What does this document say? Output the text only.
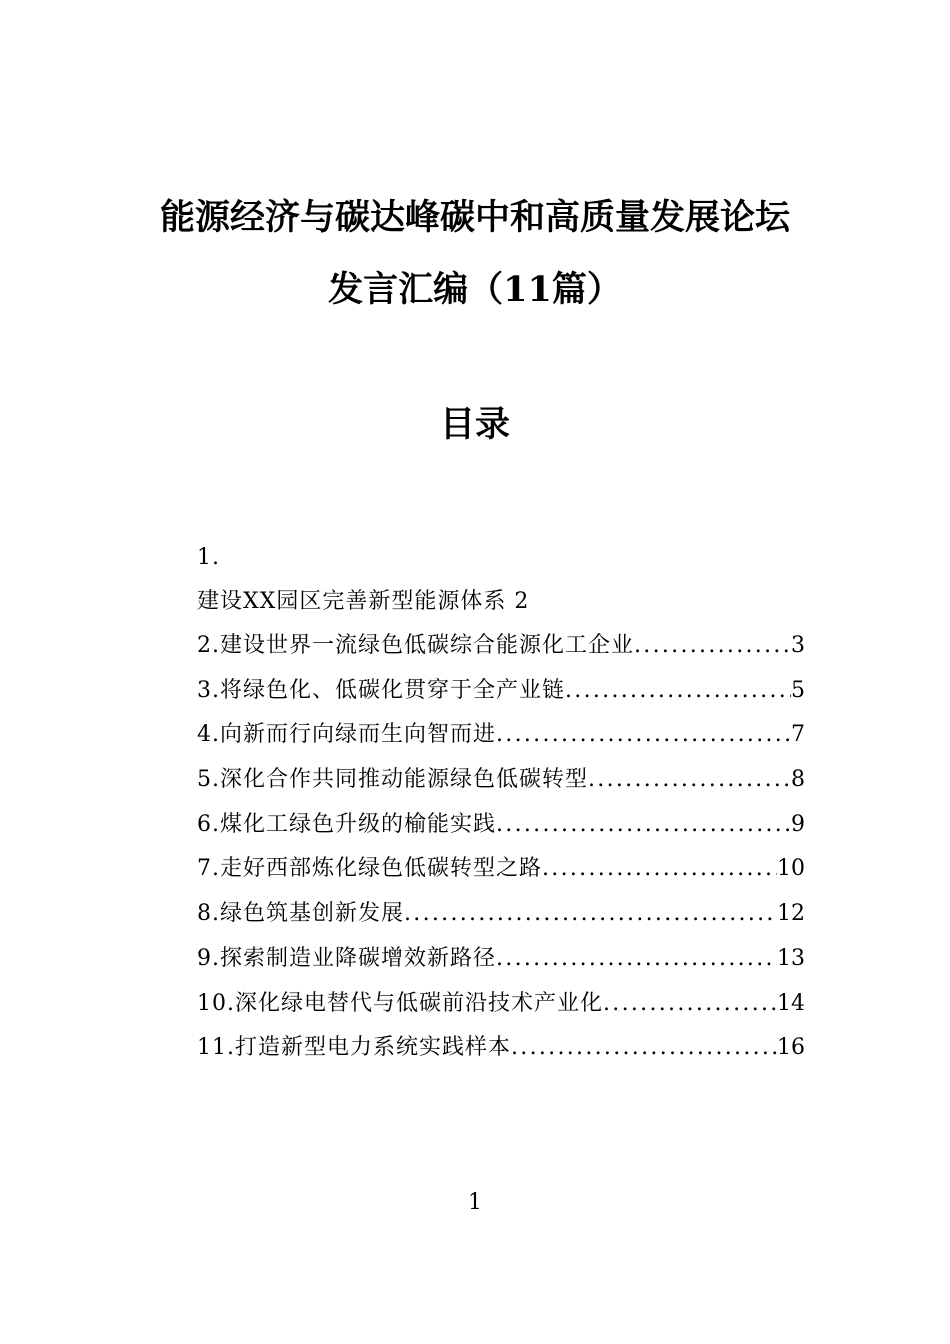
能源经济与碳达峰碳中和高质量发展论坛
发言汇编（11篇）
目录
1.
建设XX园区完善新型能源体系 2
2.建设世界一流绿色低碳综合能源化工企业 .....	3
3.将绿色化、低碳化贯穿于全产业链 .....	5
4.向新而行向绿而生向智而进 .....	7
5.深化合作共同推动能源绿色低碳转型 .....	8
6.煤化工绿色升级的榆能实践 .....	9
7.走好西部炼化绿色低碳转型之路 .....	10
8.绿色筑基创新发展 .....	12
9.探索制造业降碳增效新路径 .....	13
10.深化绿电替代与低碳前沿技术产业化 .....	14
11.打造新型电力系统实践样本 .....	16
1
